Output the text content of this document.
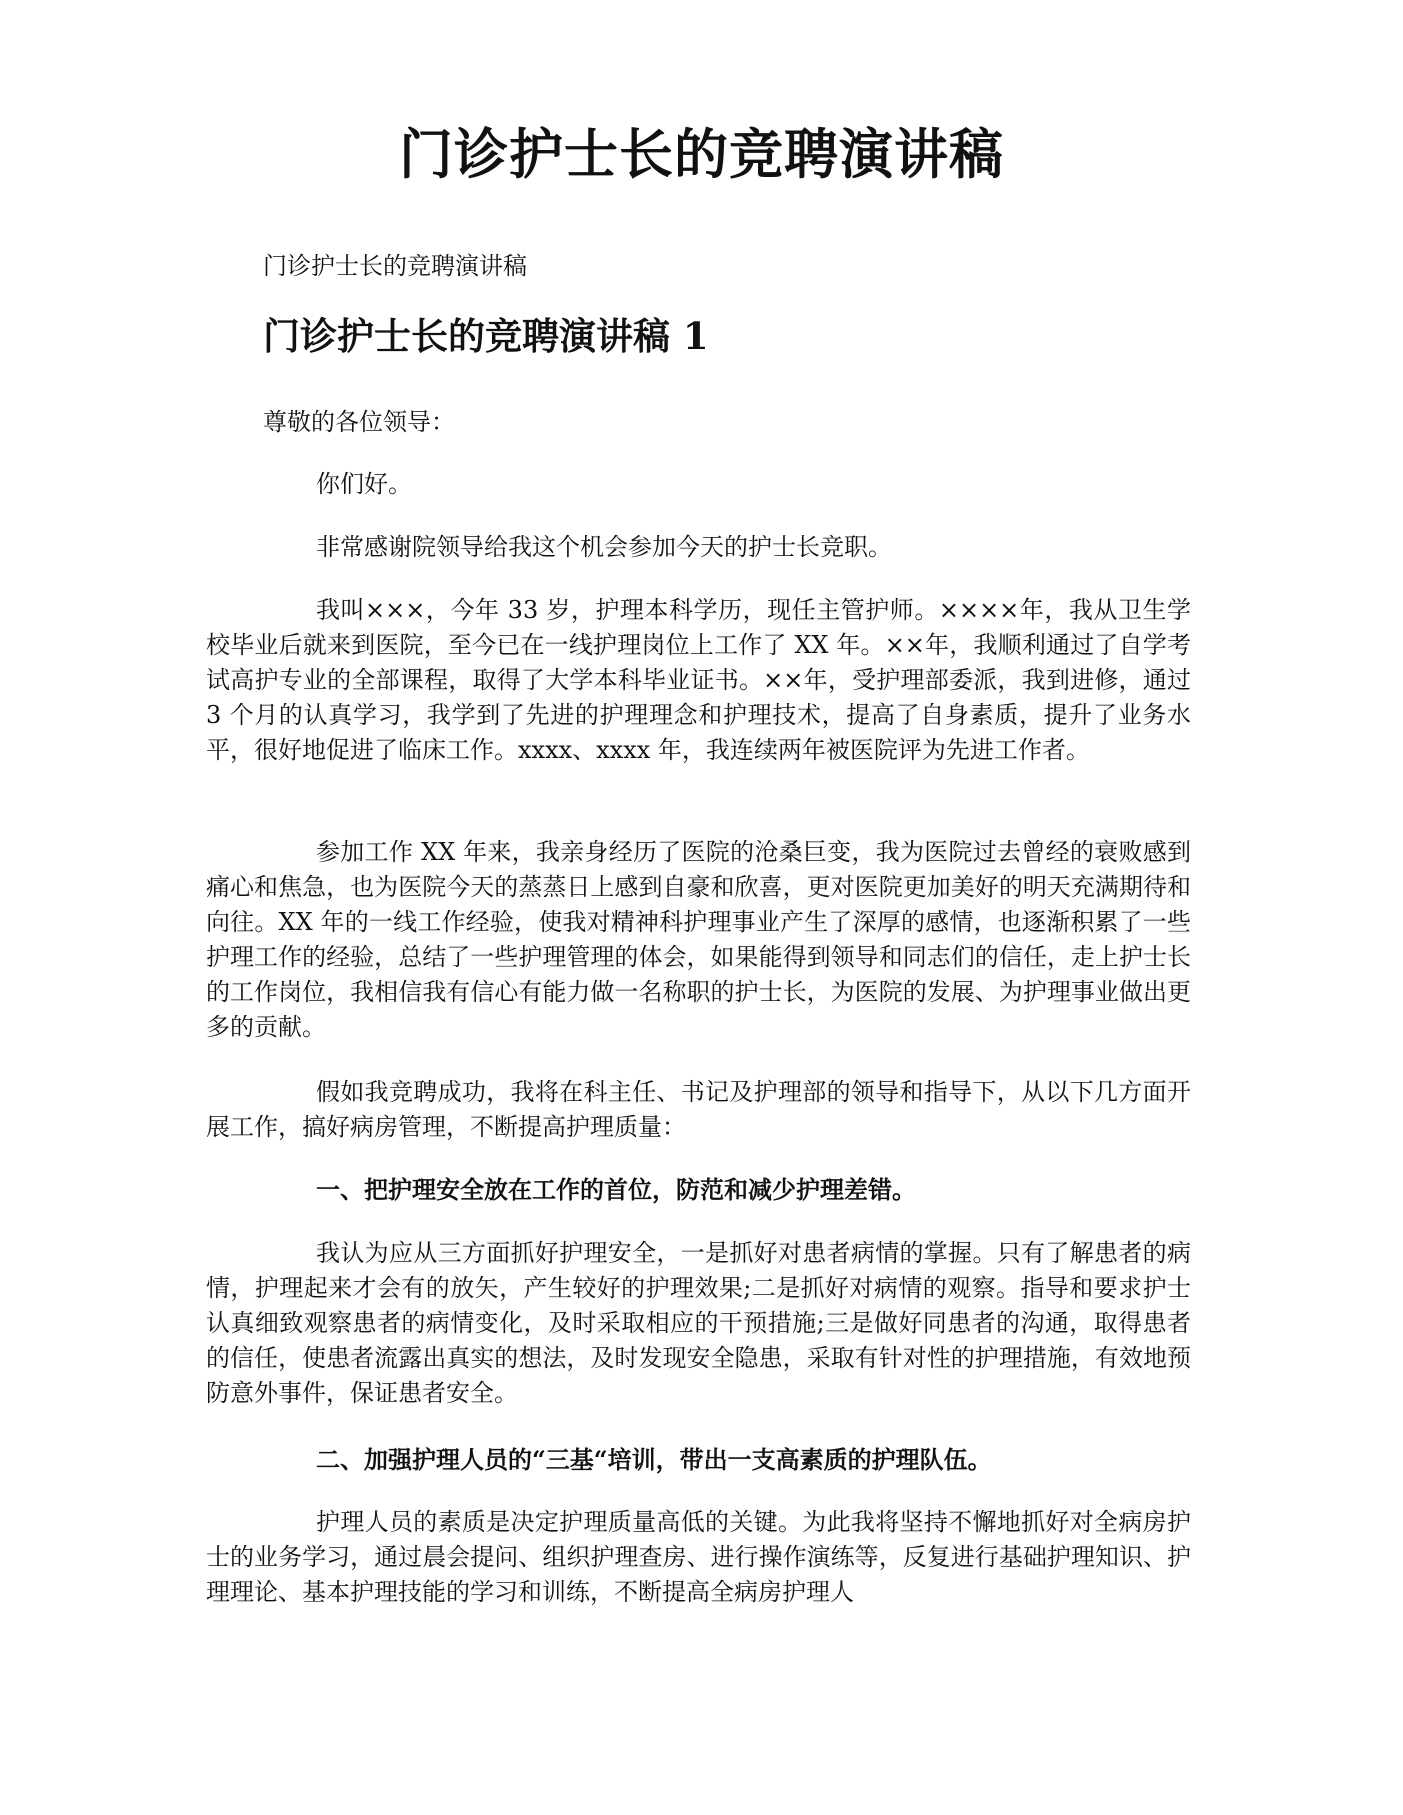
门诊护士长的竞聘演讲稿

门诊护士长的竞聘演讲稿

门诊护士长的竞聘演讲稿 1

尊敬的各位领导：

你们好。

非常感谢院领导给我这个机会参加今天的护士长竞职。

我叫×××，今年 33 岁，护理本科学历，现任主管护师。××××年，我从卫生学校毕业后就来到医院，至今已在一线护理岗位上工作了 XX 年。××年，我顺利通过了自学考试高护专业的全部课程，取得了大学本科毕业证书。××年，受护理部委派，我到进修，通过 3 个月的认真学习，我学到了先进的护理理念和护理技术，提高了自身素质，提升了业务水平，很好地促进了临床工作。xxxx、xxxx 年，我连续两年被医院评为先进工作者。

参加工作 XX 年来，我亲身经历了医院的沧桑巨变，我为医院过去曾经的衰败感到痛心和焦急，也为医院今天的蒸蒸日上感到自豪和欣喜，更对医院更加美好的明天充满期待和向往。XX 年的一线工作经验，使我对精神科护理事业产生了深厚的感情，也逐渐积累了一些护理工作的经验，总结了一些护理管理的体会，如果能得到领导和同志们的信任，走上护士长的工作岗位，我相信我有信心有能力做一名称职的护士长，为医院的发展、为护理事业做出更多的贡献。

假如我竞聘成功，我将在科主任、书记及护理部的领导和指导下，从以下几方面开展工作，搞好病房管理，不断提高护理质量：

一、把护理安全放在工作的首位，防范和减少护理差错。

我认为应从三方面抓好护理安全，一是抓好对患者病情的掌握。只有了解患者的病情，护理起来才会有的放矢，产生较好的护理效果;二是抓好对病情的观察。指导和要求护士认真细致观察患者的病情变化，及时采取相应的干预措施;三是做好同患者的沟通，取得患者的信任，使患者流露出真实的想法，及时发现安全隐患，采取有针对性的护理措施，有效地预防意外事件，保证患者安全。

二、加强护理人员的“三基“培训，带出一支高素质的护理队伍。

护理人员的素质是决定护理质量高低的关键。为此我将坚持不懈地抓好对全病房护士的业务学习，通过晨会提问、组织护理查房、进行操作演练等，反复进行基础护理知识、护理理论、基本护理技能的学习和训练，不断提高全病房护理人
